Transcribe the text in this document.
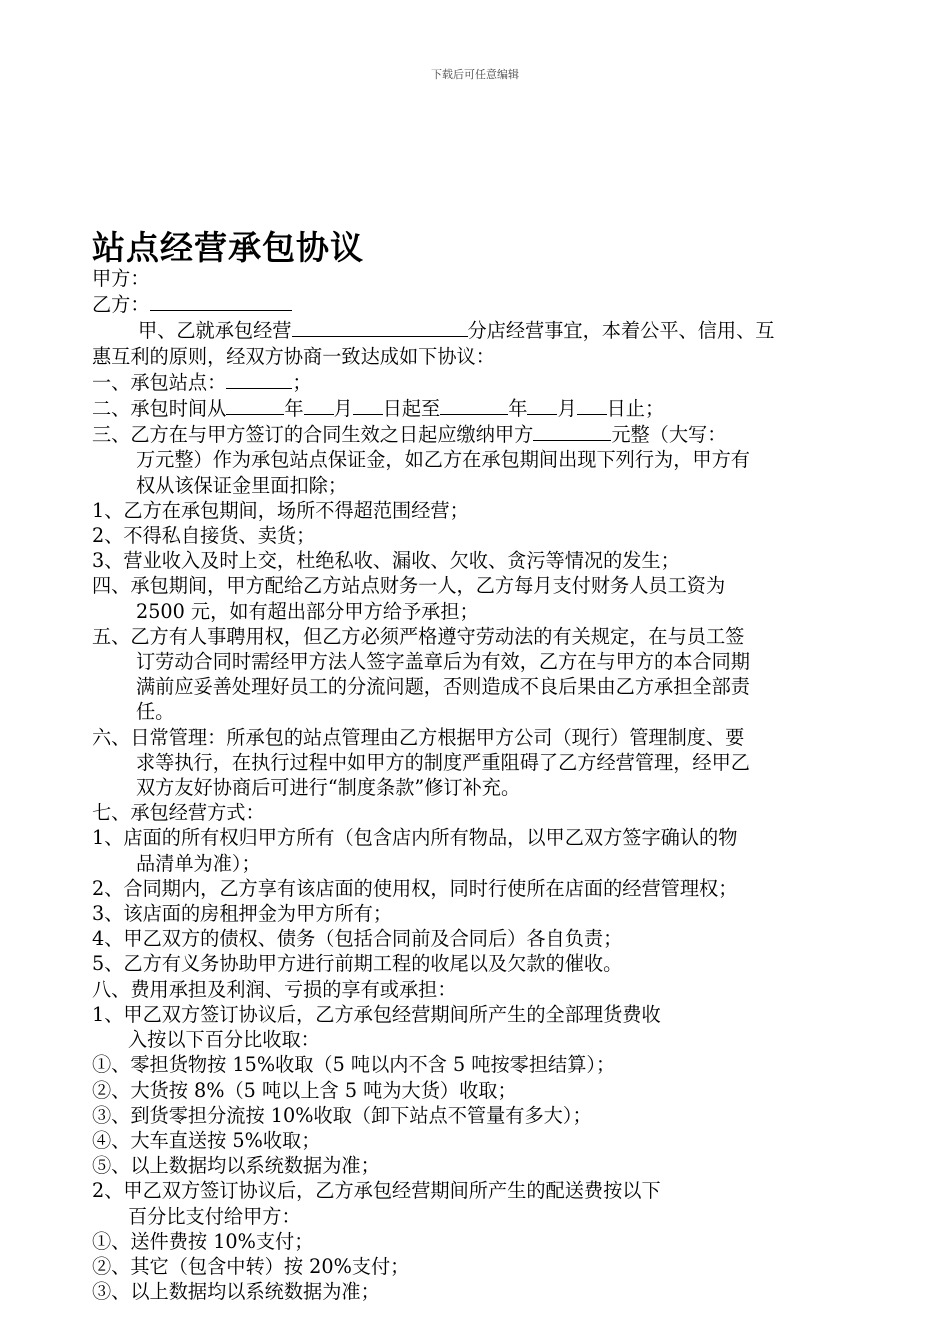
下载后可任意编辑
站点经营承包协议

甲方：

乙方：

甲、乙就承包经营	分店经营事宜，本着公平、信用、互

惠互利的原则，经双方协商一致达成如下协议：

一、承包站点：	；

二、承包时间从	年 月 日起至	年 月 日止；

三、乙方在与甲方签订的合同生效之日起应缴纳甲方	元整（大写：

万元整）作为承包站点保证金，如乙方在承包期间出现下列行为，甲方有

权从该保证金里面扣除；

1、乙方在承包期间，场所不得超范围经营；

2、不得私自接货、卖货；

3、营业收入及时上交，杜绝私收、漏收、欠收、贪污等情况的发生；

四、承包期间，甲方配给乙方站点财务一人，乙方每月支付财务人员工资为

2500 元，如有超出部分甲方给予承担；

五、乙方有人事聘用权，但乙方必须严格遵守劳动法的有关规定，在与员工签

订劳动合同时需经甲方法人签字盖章后为有效，乙方在与甲方的本合同期

满前应妥善处理好员工的分流问题，否则造成不良后果由乙方承担全部责

任。

六、日常管理：所承包的站点管理由乙方根据甲方公司（现行）管理制度、要

求等执行，在执行过程中如甲方的制度严重阻碍了乙方经营管理，经甲乙

双方友好协商后可进行“制度条款”修订补充。

七、承包经营方式：

1、店面的所有权归甲方所有（包含店内所有物品，以甲乙双方签字确认的物

品清单为准）；

2、合同期内，乙方享有该店面的使用权，同时行使所在店面的经营管理权；

3、该店面的房租押金为甲方所有；

4、甲乙双方的债权、债务（包括合同前及合同后）各自负责；

5、乙方有义务协助甲方进行前期工程的收尾以及欠款的催收。

八、费用承担及利润、亏损的享有或承担：

1、甲乙双方签订协议后，乙方承包经营期间所产生的全部理货费收

入按以下百分比收取：

①、零担货物按 15%收取（5 吨以内不含 5 吨按零担结算）；

②、大货按 8%（5 吨以上含 5 吨为大货）收取；

③、到货零担分流按 10%收取（卸下站点不管量有多大）；

④、大车直送按 5%收取；

⑤、以上数据均以系统数据为准；

2、甲乙双方签订协议后，乙方承包经营期间所产生的配送费按以下

百分比支付给甲方：

①、送件费按 10%支付；

②、其它（包含中转）按 20%支付；

③、以上数据均以系统数据为准；
